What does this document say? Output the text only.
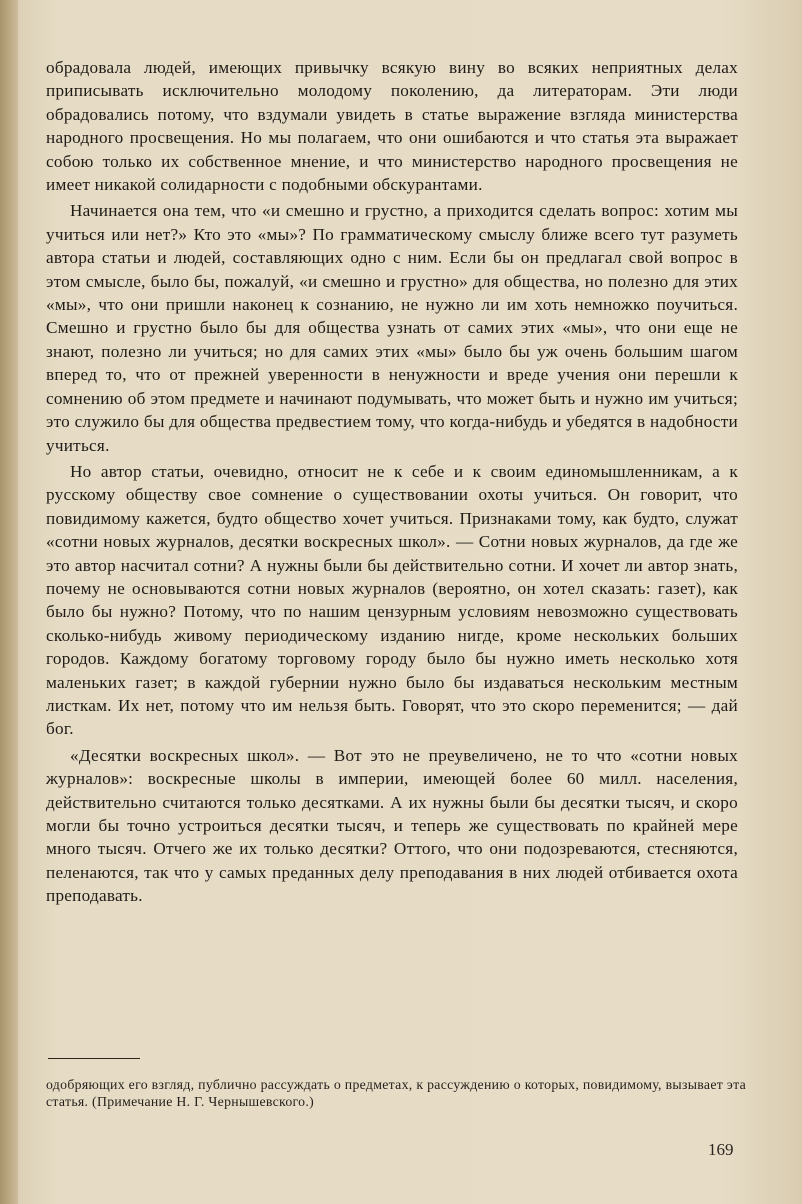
обрадовала людей, имеющих привычку всякую вину во всяких неприятных делах приписывать исключительно молодому поколению, да литераторам. Эти люди обрадовались потому, что вздумали увидеть в статье выражение взгляда министерства народного просвещения. Но мы полагаем, что они ошибаются и что статья эта выражает собою только их собственное мнение, и что министерство народного просвещения не имеет никакой солидарности с подобными обскурантами.

Начинается она тем, что «и смешно и грустно, а приходится сделать вопрос: хотим мы учиться или нет?» Кто это «мы»? По грамматическому смыслу ближе всего тут разуметь автора статьи и людей, составляющих одно с ним. Если бы он предлагал свой вопрос в этом смысле, было бы, пожалуй, «и смешно и грустно» для общества, но полезно для этих «мы», что они пришли наконец к сознанию, не нужно ли им хоть немножко поучиться. Смешно и грустно было бы для общества узнать от самих этих «мы», что они еще не знают, полезно ли учиться; но для самих этих «мы» было бы уж очень большим шагом вперед то, что от прежней уверенности в ненужности и вреде учения они перешли к сомнению об этом предмете и начинают подумывать, что может быть и нужно им учиться; это служило бы для общества предвестием тому, что когда-нибудь и убедятся в надобности учиться.

Но автор статьи, очевидно, относит не к себе и к своим единомышленникам, а к русскому обществу свое сомнение о существовании охоты учиться. Он говорит, что повидимому кажется, будто общество хочет учиться. Признаками тому, как будто, служат «сотни новых журналов, десятки воскресных школ». — Сотни новых журналов, да где же это автор насчитал сотни? А нужны были бы действительно сотни. И хочет ли автор знать, почему не основываются сотни новых журналов (вероятно, он хотел сказать: газет), как было бы нужно? Потому, что по нашим цензурным условиям невозможно существовать сколько-нибудь живому периодическому изданию нигде, кроме нескольких больших городов. Каждому богатому торговому городу было бы нужно иметь несколько хотя маленьких газет; в каждой губернии нужно было бы издаваться нескольким местным листкам. Их нет, потому что им нельзя быть. Говорят, что это скоро переменится; — дай бог.

«Десятки воскресных школ». — Вот это не преувеличено, не то что «сотни новых журналов»: воскресные школы в империи, имеющей более 60 милл. населения, действительно считаются только десятками. А их нужны были бы десятки тысяч, и скоро могли бы точно устроиться десятки тысяч, и теперь же существовать по крайней мере много тысяч. Отчего же их только десятки? Оттого, что они подозреваются, стесняются, пеленаются, так что у самых преданных делу преподавания в них людей отбивается охота преподавать.

одобряющих его взгляд, публично рассуждать о предметах, к рассуждению о которых, повидимому, вызывает эта статья. (Примечание Н. Г. Чернышевского.)
169
